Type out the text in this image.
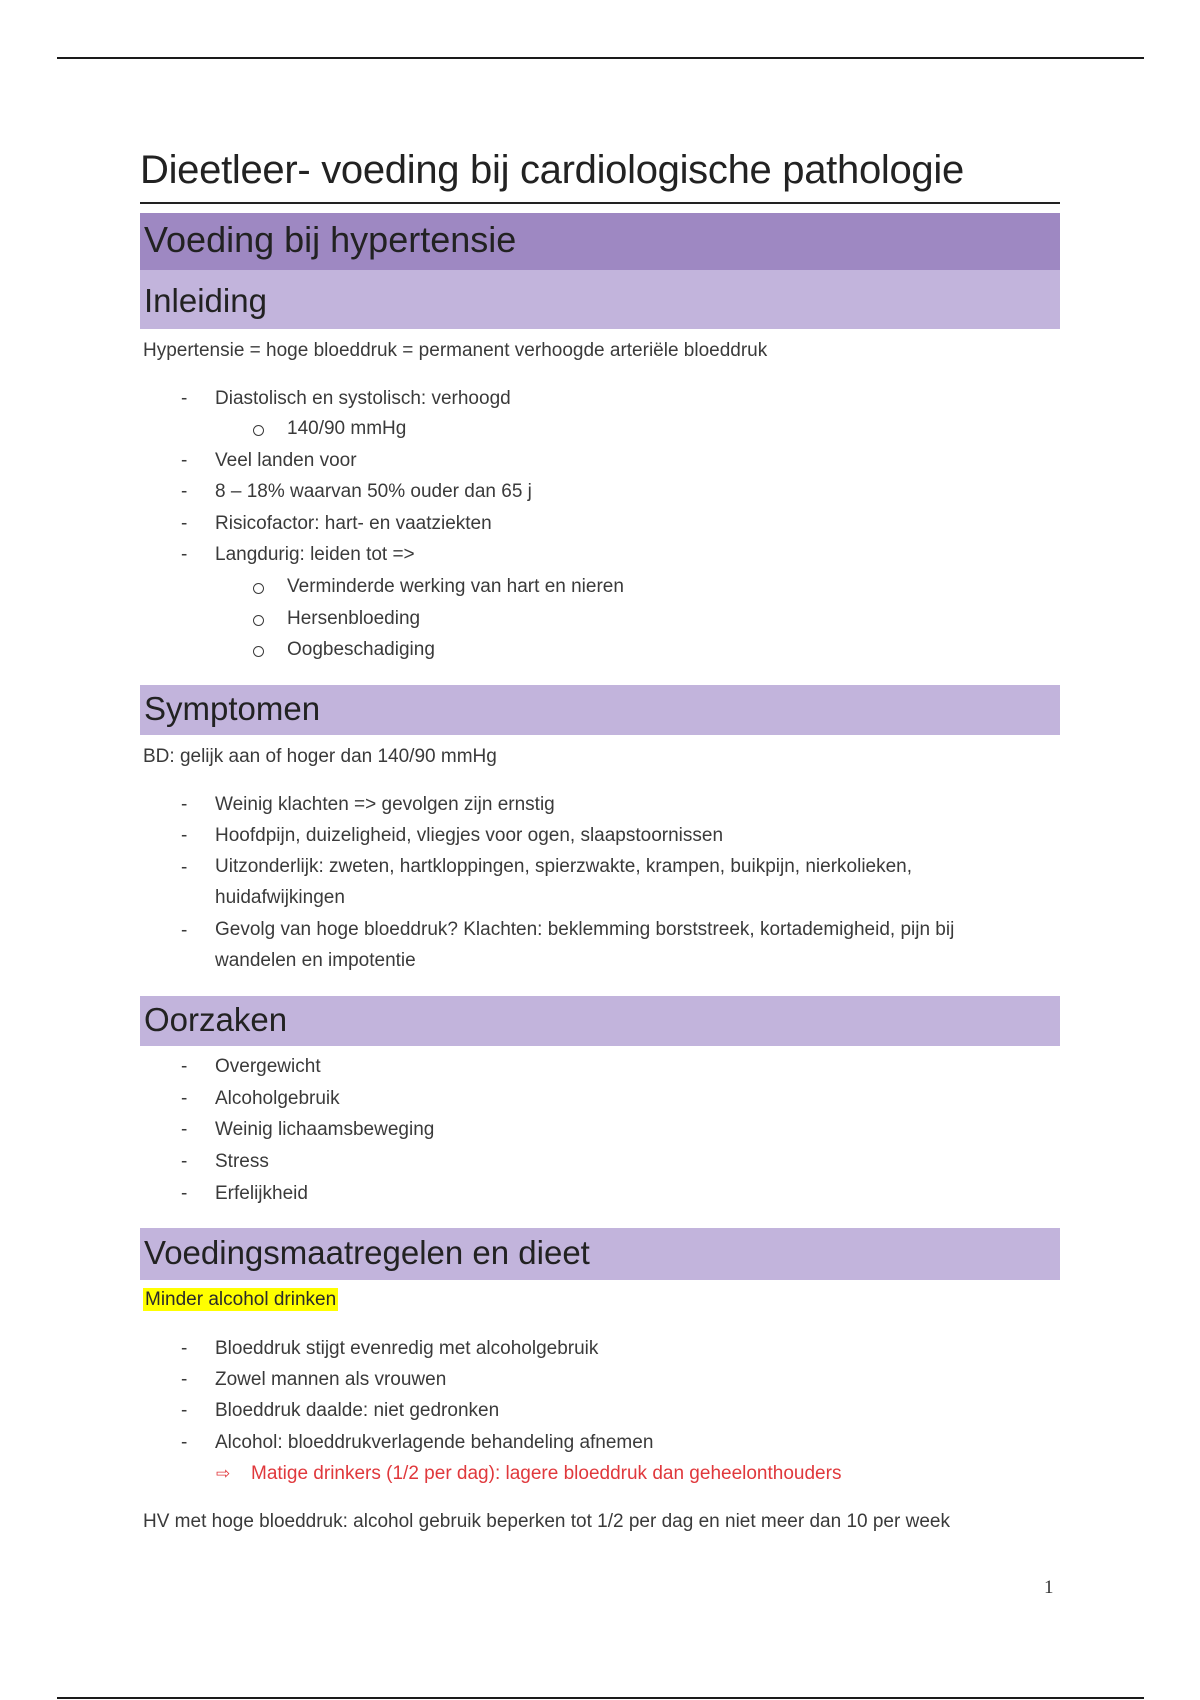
Dieetleer- voeding bij cardiologische pathologie
Voeding bij hypertensie
Inleiding
Hypertensie = hoge bloeddruk = permanent verhoogde arteriële bloeddruk
- Diastolisch en systolisch: verhoogd
140/90 mmHg
- Veel landen voor
- 8 – 18% waarvan 50% ouder dan 65 j
- Risicofactor: hart- en vaatziekten
- Langdurig: leiden tot =>
Verminderde werking van hart en nieren
Hersenbloeding
Oogbeschadiging
Symptomen
BD: gelijk aan of hoger dan 140/90 mmHg
- Weinig klachten => gevolgen zijn ernstig
- Hoofdpijn, duizeligheid, vliegjes voor ogen, slaapstoornissen
- Uitzonderlijk: zweten, hartkloppingen, spierzwakte, krampen, buikpijn, nierkolieken, huidafwijkingen
- Gevolg van hoge bloeddruk? Klachten: beklemming borststreek, kortademigheid, pijn bij wandelen en impotentie
Oorzaken
- Overgewicht
- Alcoholgebruik
- Weinig lichaamsbeweging
- Stress
- Erfelijkheid
Voedingsmaatregelen en dieet
Minder alcohol drinken
- Bloeddruk stijgt evenredig met alcoholgebruik
- Zowel mannen als vrouwen
- Bloeddruk daalde: niet gedronken
- Alcohol: bloeddrukverlagende behandeling afnemen
⇨ Matige drinkers (1/2 per dag): lagere bloeddruk dan geheelonthouders
HV met hoge bloeddruk: alcohol gebruik beperken tot 1/2 per dag en niet meer dan 10 per week
1
